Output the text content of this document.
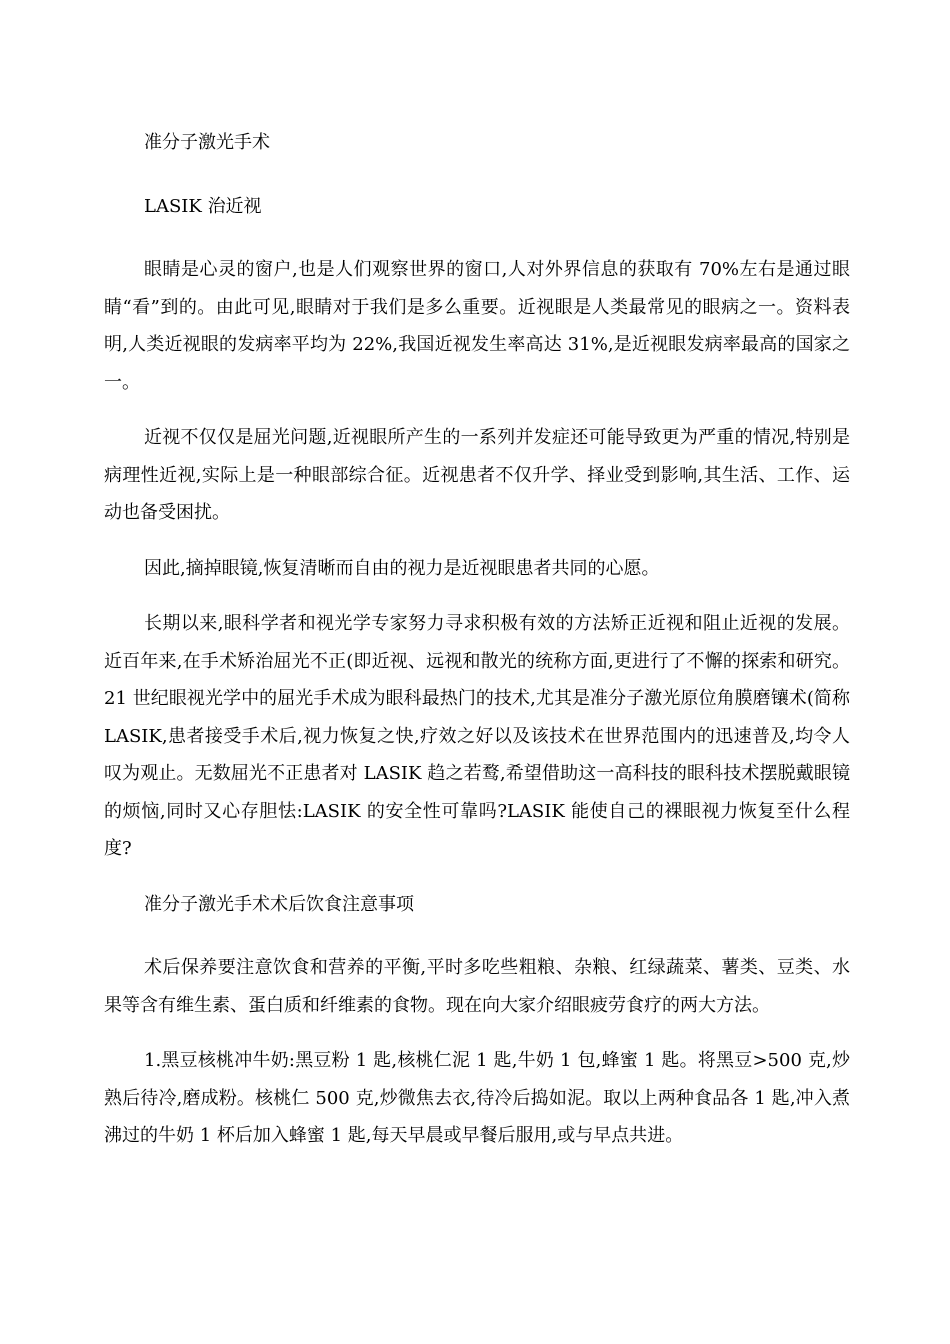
准分子激光手术

LASIK 治近视

眼睛是心灵的窗户,也是人们观察世界的窗口,人对外界信息的获取有 70%左右是通过眼睛“看”到的。由此可见,眼睛对于我们是多么重要。近视眼是人类最常见的眼病之一。资料表明,人类近视眼的发病率平均为 22%,我国近视发生率高达 31%,是近视眼发病率最高的国家之一。

近视不仅仅是屈光问题,近视眼所产生的一系列并发症还可能导致更为严重的情况,特别是病理性近视,实际上是一种眼部综合征。近视患者不仅升学、择业受到影响,其生活、工作、运动也备受困扰。

因此,摘掉眼镜,恢复清晰而自由的视力是近视眼患者共同的心愿。

长期以来,眼科学者和视光学专家努力寻求积极有效的方法矫正近视和阻止近视的发展。近百年来,在手术矫治屈光不正(即近视、远视和散光的统称方面,更进行了不懈的探索和研究。21 世纪眼视光学中的屈光手术成为眼科最热门的技术,尤其是准分子激光原位角膜磨镶术(简称 LASIK,患者接受手术后,视力恢复之快,疗效之好以及该技术在世界范围内的迅速普及,均令人叹为观止。无数屈光不正患者对 LASIK 趋之若鹜,希望借助这一高科技的眼科技术摆脱戴眼镜的烦恼,同时又心存胆怯:LASIK 的安全性可靠吗?LASIK 能使自己的裸眼视力恢复至什么程度?

准分子激光手术术后饮食注意事项

术后保养要注意饮食和营养的平衡,平时多吃些粗粮、杂粮、红绿蔬菜、薯类、豆类、水果等含有维生素、蛋白质和纤维素的食物。现在向大家介绍眼疲劳食疗的两大方法。

1.黑豆核桃冲牛奶:黑豆粉 1 匙,核桃仁泥 1 匙,牛奶 1 包,蜂蜜 1 匙。将黑豆>500 克,炒熟后待冷,磨成粉。核桃仁 500 克,炒微焦去衣,待冷后捣如泥。取以上两种食品各 1 匙,冲入煮沸过的牛奶 1 杯后加入蜂蜜 1 匙,每天早晨或早餐后服用,或与早点共进。
